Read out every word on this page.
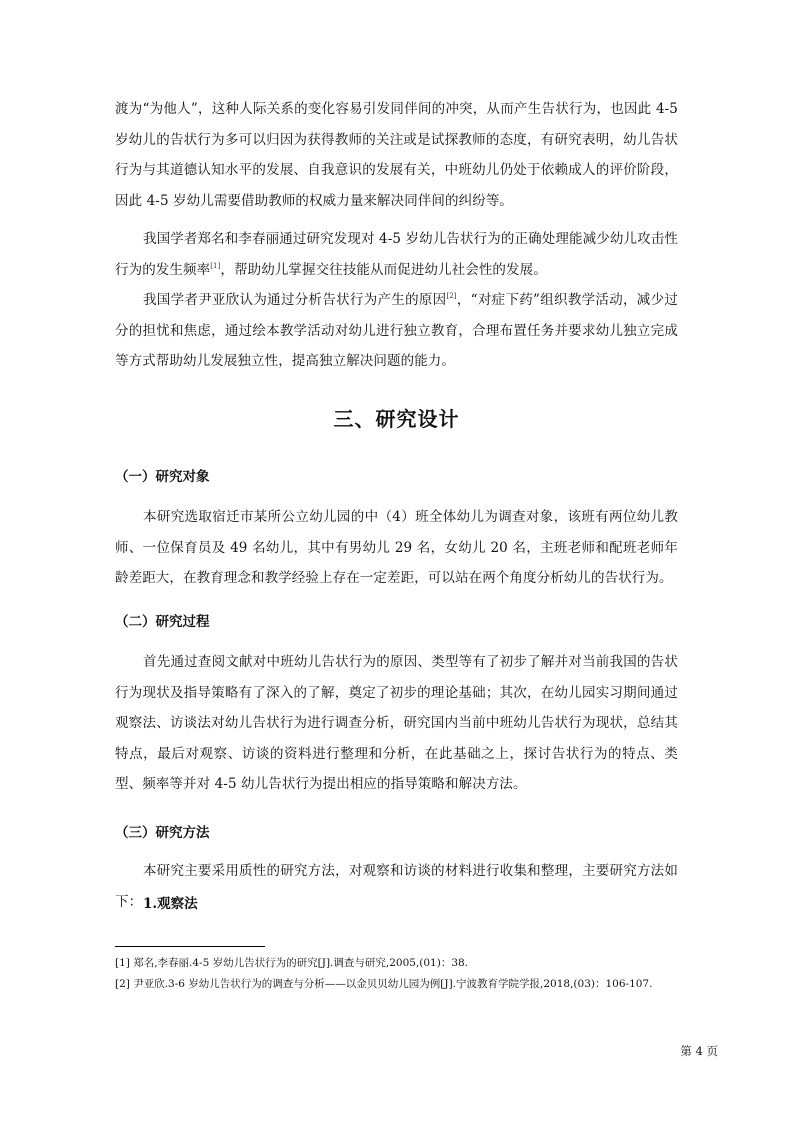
渡为“为他人”，这种人际关系的变化容易引发同伴间的冲突，从而产生告状行为，也因此 4-5 岁幼儿的告状行为多可以归因为获得教师的关注或是试探教师的态度，有研究表明，幼儿告状行为与其道德认知水平的发展、自我意识的发展有关，中班幼儿仍处于依赖成人的评价阶段，因此 4-5 岁幼儿需要借助教师的权威力量来解决同伴间的纠纷等。

我国学者郑名和李春丽通过研究发现对 4-5 岁幼儿告状行为的正确处理能减少幼儿攻击性行为的发生频率[1]，帮助幼儿掌握交往技能从而促进幼儿社会性的发展。

我国学者尹亚欣认为通过分析告状行为产生的原因[2]，“对症下药”组织教学活动，减少过分的担忧和焦虑，通过绘本教学活动对幼儿进行独立教育，合理布置任务并要求幼儿独立完成等方式帮助幼儿发展独立性，提高独立解决问题的能力。

三、研究设计
（一）研究对象

本研究选取宿迁市某所公立幼儿园的中（4）班全体幼儿为调查对象，该班有两位幼儿教师、一位保育员及 49 名幼儿，其中有男幼儿 29 名，女幼儿 20 名，主班老师和配班老师年龄差距大，在教育理念和教学经验上存在一定差距，可以站在两个角度分析幼儿的告状行为。

（二）研究过程

首先通过查阅文献对中班幼儿告状行为的原因、类型等有了初步了解并对当前我国的告状行为现状及指导策略有了深入的了解，奠定了初步的理论基础；其次，在幼儿园实习期间通过观察法、访谈法对幼儿告状行为进行调查分析，研究国内当前中班幼儿告状行为现状，总结其特点，最后对观察、访谈的资料进行整理和分析，在此基础之上，探讨告状行为的特点、类型、频率等并对 4-5 幼儿告状行为提出相应的指导策略和解决方法。

（三）研究方法

本研究主要采用质性的研究方法，对观察和访谈的材料进行收集和整理，主要研究方法如下： 1.观察法

[1] 郑名,李春丽.4-5 岁幼儿告状行为的研究[J].调查与研究,2005,(01)：38.

[2] 尹亚欣.3-6 岁幼儿告状行为的调查与分析——以金贝贝幼儿园为例[J].宁波教育学院学报,2018,(03)：106-107.

第 4 页
